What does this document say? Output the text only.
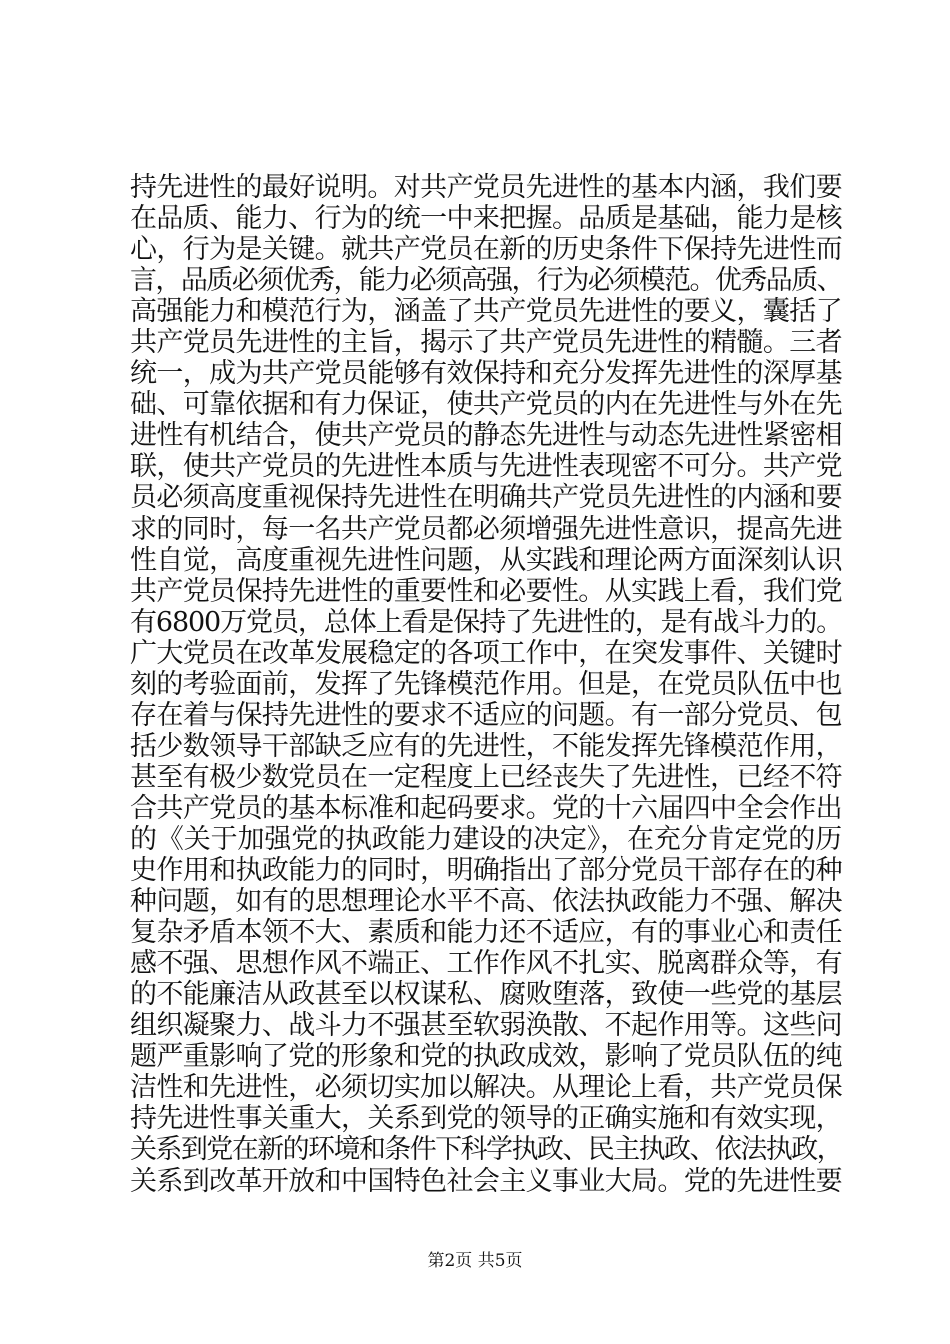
持先进性的最好说明。对共产党员先进性的基本内涵，我们要
在品质、能力、行为的统一中来把握。品质是基础，能力是核
心，行为是关键。就共产党员在新的历史条件下保持先进性而
言，品质必须优秀，能力必须高强，行为必须模范。优秀品质、
高强能力和模范行为，涵盖了共产党员先进性的要义，囊括了
共产党员先进性的主旨，揭示了共产党员先进性的精髓。三者
统一，成为共产党员能够有效保持和充分发挥先进性的深厚基
础、可靠依据和有力保证，使共产党员的内在先进性与外在先
进性有机结合，使共产党员的静态先进性与动态先进性紧密相
联，使共产党员的先进性本质与先进性表现密不可分。共产党
员必须高度重视保持先进性在明确共产党员先进性的内涵和要
求的同时，每一名共产党员都必须增强先进性意识，提高先进
性自觉，高度重视先进性问题，从实践和理论两方面深刻认识
共产党员保持先进性的重要性和必要性。从实践上看，我们党
有6800万党员，总体上看是保持了先进性的，是有战斗力的。
广大党员在改革发展稳定的各项工作中，在突发事件、关键时
刻的考验面前，发挥了先锋模范作用。但是，在党员队伍中也
存在着与保持先进性的要求不适应的问题。有一部分党员、包
括少数领导干部缺乏应有的先进性，不能发挥先锋模范作用，
甚至有极少数党员在一定程度上已经丧失了先进性，已经不符
合共产党员的基本标准和起码要求。党的十六届四中全会作出
的《关于加强党的执政能力建设的决定》，在充分肯定党的历
史作用和执政能力的同时，明确指出了部分党员干部存在的种
种问题，如有的思想理论水平不高、依法执政能力不强、解决
复杂矛盾本领不大、素质和能力还不适应，有的事业心和责任
感不强、思想作风不端正、工作作风不扎实、脱离群众等，有
的不能廉洁从政甚至以权谋私、腐败堕落，致使一些党的基层
组织凝聚力、战斗力不强甚至软弱涣散、不起作用等。这些问
题严重影响了党的形象和党的执政成效，影响了党员队伍的纯
洁性和先进性，必须切实加以解决。从理论上看，共产党员保
持先进性事关重大，关系到党的领导的正确实施和有效实现，
关系到党在新的环境和条件下科学执政、民主执政、依法执政，
关系到改革开放和中国特色社会主义事业大局。党的先进性要
第2页 共5页
